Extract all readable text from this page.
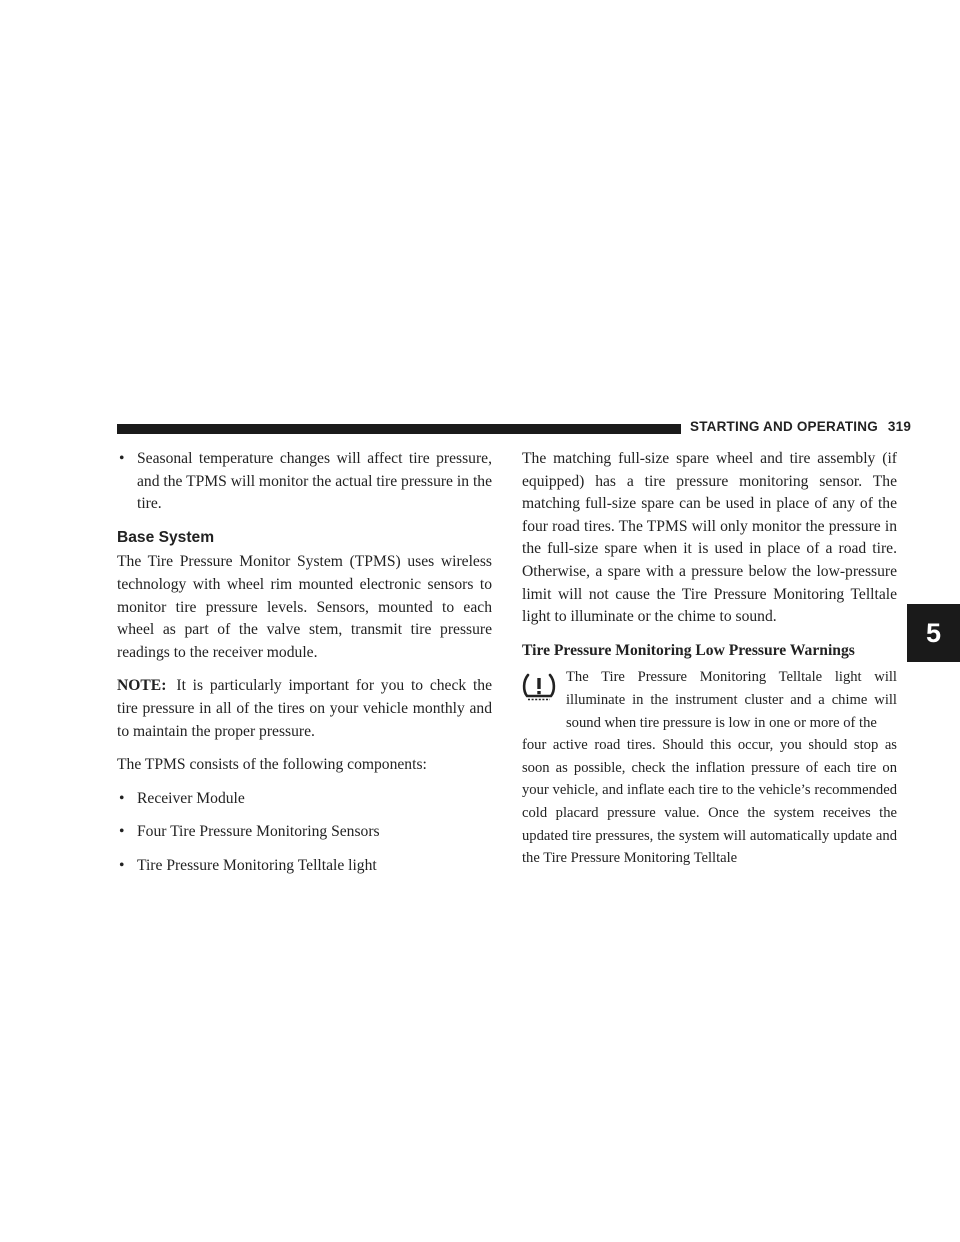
STARTING AND OPERATING 319
5
• Seasonal temperature changes will affect tire pressure, and the TPMS will monitor the actual tire pressure in the tire.
Base System

The Tire Pressure Monitor System (TPMS) uses wireless technology with wheel rim mounted electronic sensors to monitor tire pressure levels. Sensors, mounted to each wheel as part of the valve stem, transmit tire pressure readings to the receiver module.

NOTE: It is particularly important for you to check the tire pressure in all of the tires on your vehicle monthly and to maintain the proper pressure.

The TPMS consists of the following components:

• Receiver Module
• Four Tire Pressure Monitoring Sensors
• Tire Pressure Monitoring Telltale light

The matching full-size spare wheel and tire assembly (if equipped) has a tire pressure monitoring sensor. The matching full-size spare can be used in place of any of the four road tires. The TPMS will only monitor the pressure in the full-size spare when it is used in place of a road tire. Otherwise, a spare with a pressure below the low-pressure limit will not cause the Tire Pressure Monitoring Telltale light to illuminate or the chime to sound.

Tire Pressure Monitoring Low Pressure Warnings
The Tire Pressure Monitoring Telltale light will illuminate in the instrument cluster and a chime will sound when tire pressure is low in one or more of the
four active road tires. Should this occur, you should stop as soon as possible, check the inflation pressure of each tire on your vehicle, and inflate each tire to the vehicle’s recommended cold placard pressure value. Once the system receives the updated tire pressures, the system will automatically update and the Tire Pressure Monitoring Telltale
